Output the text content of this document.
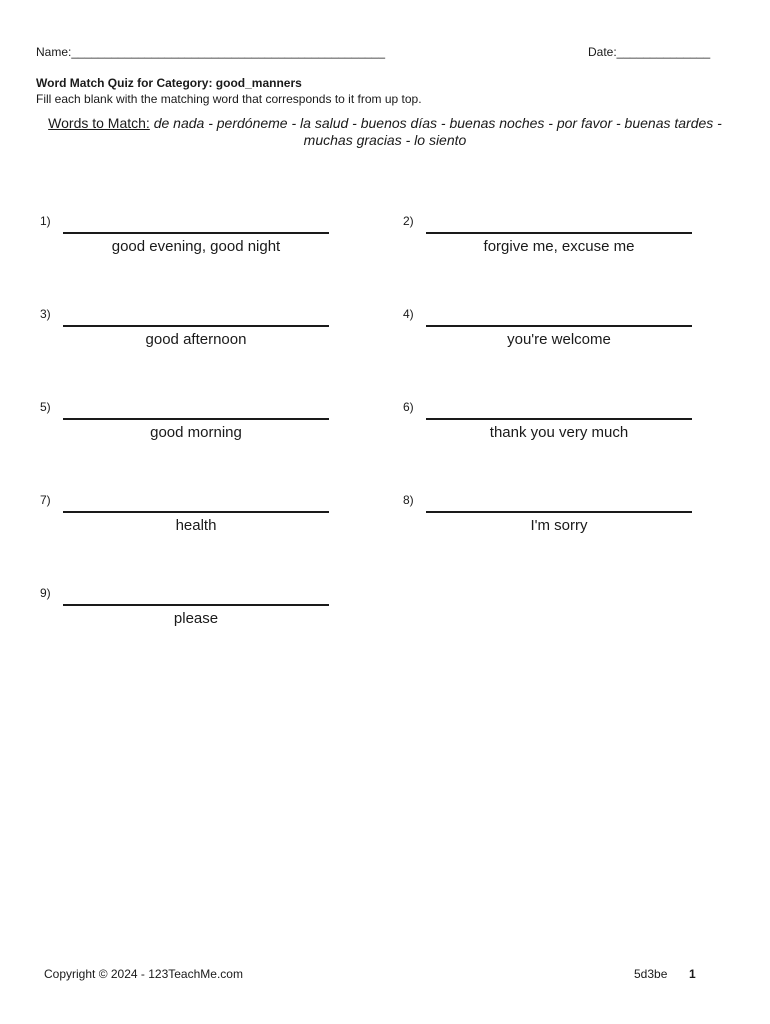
Name:_______________________________________________	Date:______________
Word Match Quiz for Category: good_manners
Fill each blank with the matching word that corresponds to it from up top.
Words to Match: de nada - perdóneme - la salud - buenos días - buenas noches - por favor - buenas tardes -
muchas gracias - lo siento
1)
good evening, good night
2)
forgive me, excuse me
3)
good afternoon
4)
you're welcome
5)
good morning
6)
thank you very much
7)
health
8)
I'm sorry
9)
please
Copyright © 2024 - 123TeachMe.com	5d3be 1
